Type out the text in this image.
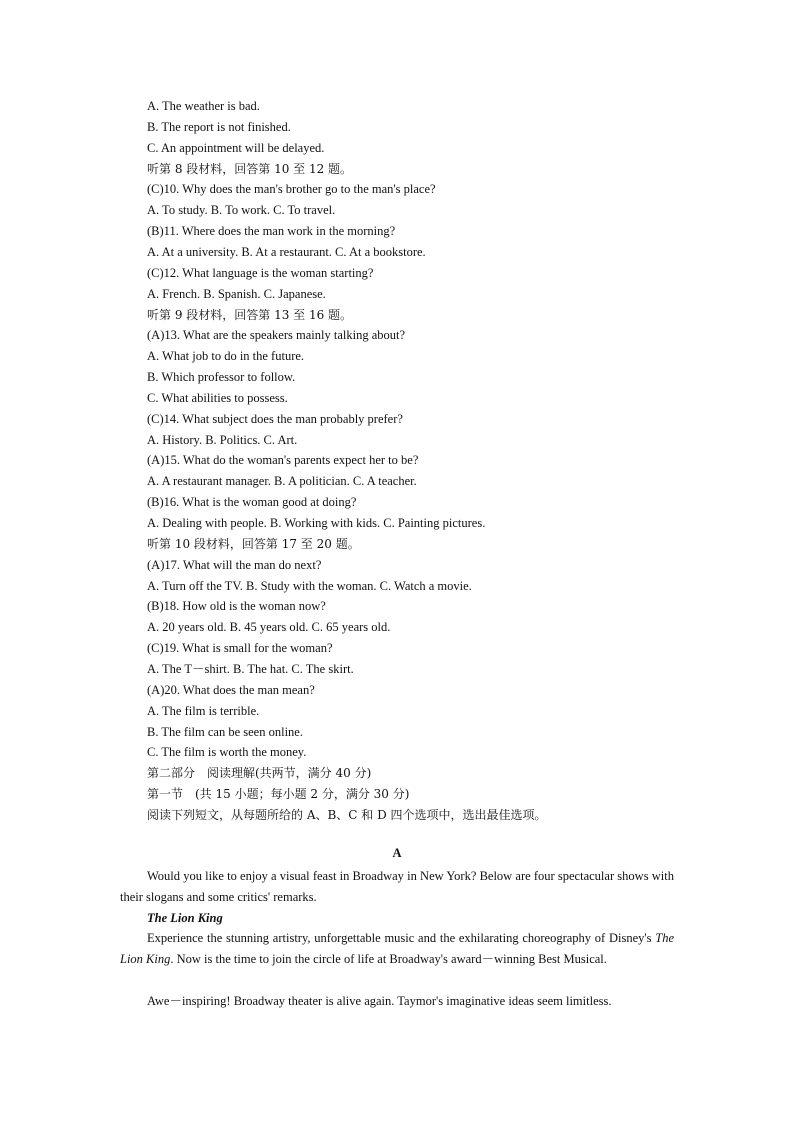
A. The weather is bad.
B. The report is not finished.
C. An appointment will be delayed.
听第 8 段材料，回答第 10 至 12 题。
(C)10. Why does the man's brother go to the man's place?
A. To study. B. To work. C. To travel.
(B)11. Where does the man work in the morning?
A. At a university. B. At a restaurant. C. At a bookstore.
(C)12. What language is the woman starting?
A. French. B. Spanish. C. Japanese.
听第 9 段材料，回答第 13 至 16 题。
(A)13. What are the speakers mainly talking about?
A. What job to do in the future.
B. Which professor to follow.
C. What abilities to possess.
(C)14. What subject does the man probably prefer?
A. History. B. Politics. C. Art.
(A)15. What do the woman's parents expect her to be?
A. A restaurant manager. B. A politician. C. A teacher.
(B)16. What is the woman good at doing?
A. Dealing with people. B. Working with kids. C. Painting pictures.
听第 10 段材料，回答第 17 至 20 题。
(A)17. What will the man do next?
A. Turn off the TV. B. Study with the woman. C. Watch a movie.
(B)18. How old is the woman now?
A. 20 years old. B. 45 years old. C. 65 years old.
(C)19. What is small for the woman?
A. The T－shirt. B. The hat. C. The skirt.
(A)20. What does the man mean?
A. The film is terrible.
B. The film can be seen online.
C. The film is worth the money.
第二部分　阅读理解(共两节，满分 40 分)
第一节　(共 15 小题；每小题 2 分，满分 30 分)
阅读下列短文，从每题所给的 A、B、C 和 D 四个选项中，选出最佳选项。
A
Would you like to enjoy a visual feast in Broadway in New York? Below are four spectacular shows with their slogans and some critics' remarks.
The Lion King
Experience the stunning artistry, unforgettable music and the exhilarating choreography of Disney's The Lion King. Now is the time to join the circle of life at Broadway's award－winning Best Musical.
Awe－inspiring! Broadway theater is alive again. Taymor's imaginative ideas seem limitless.
